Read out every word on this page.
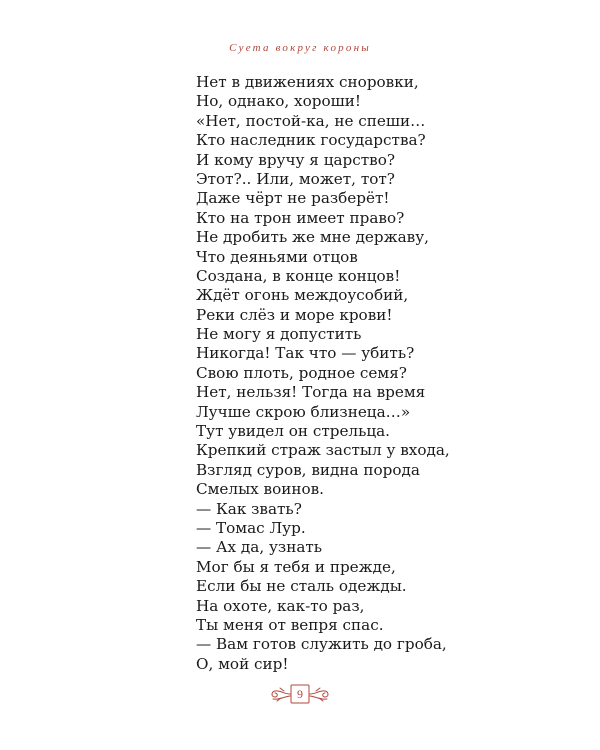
Суета вокруг короны
Нет в движениях сноровки,
Но, однако, хороши!
«Нет, постой-ка, не спеши…
Кто наследник государства?
И кому вручу я царство?
Этот?.. Или, может, тот?
Даже чёрт не разберёт!
Кто на трон имеет право?
Не дробить же мне державу,
Что деяньями отцов
Создана, в конце концов!
Ждёт огонь междоусобий,
Реки слёз и море крови!
Не могу я допустить
Никогда! Так что — убить?
Свою плоть, родное семя?
Нет, нельзя! Тогда на время
Лучше скрою близнеца…»
Тут увидел он стрельца.
Крепкий страж застыл у входа,
Взгляд суров, видна порода
Смелых воинов.
— Как звать?
— Томас Лур.
— Ах да, узнать
Мог бы я тебя и прежде,
Если бы не сталь одежды.
На охоте, как-то раз,
Ты меня от вепря спас.
— Вам готов служить до гроба,
О, мой сир!
9
